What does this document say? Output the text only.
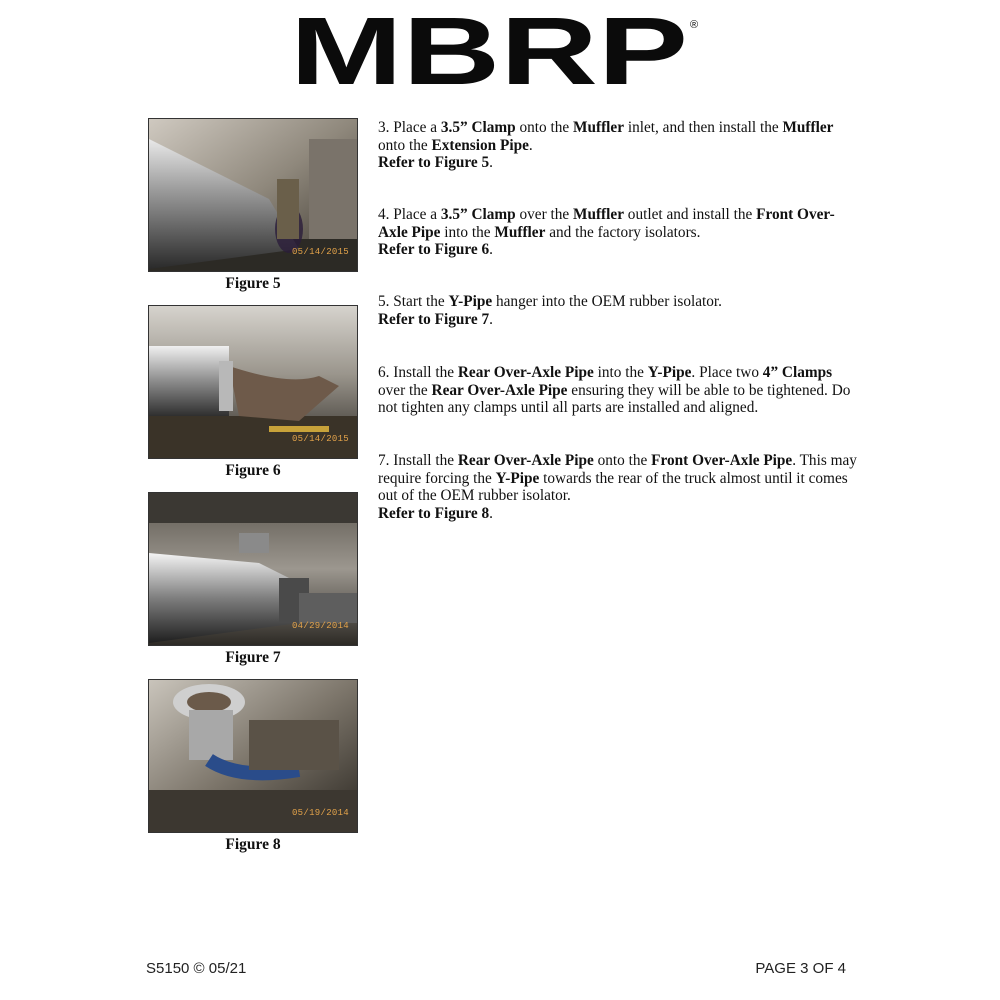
MBRP ®
05/14/2015
Figure 5
05/14/2015
Figure 6
04/29/2014
Figure 7
05/19/2014
Figure 8

3. Place a 3.5” Clamp onto the Muffler inlet, and then install the Muffler onto the Extension Pipe.

Refer to Figure 5.

4. Place a 3.5” Clamp over the Muffler outlet and install the Front Over-Axle Pipe into the Muffler and the factory isolators.

Refer to Figure 6.

5. Start the Y-Pipe hanger into the OEM rubber isolator.

Refer to Figure 7.

6. Install the Rear Over-Axle Pipe into the Y-Pipe. Place two 4” Clamps over the Rear Over-Axle Pipe ensuring they will be able to be tightened. Do not tighten any clamps until all parts are installed and aligned.

7. Install the Rear Over-Axle Pipe onto the Front Over-Axle Pipe. This may require forcing the Y-Pipe towards the rear of the truck almost until it comes out of the OEM rubber isolator.

Refer to Figure 8.

S5150 © 05/21	PAGE 3 OF 4
